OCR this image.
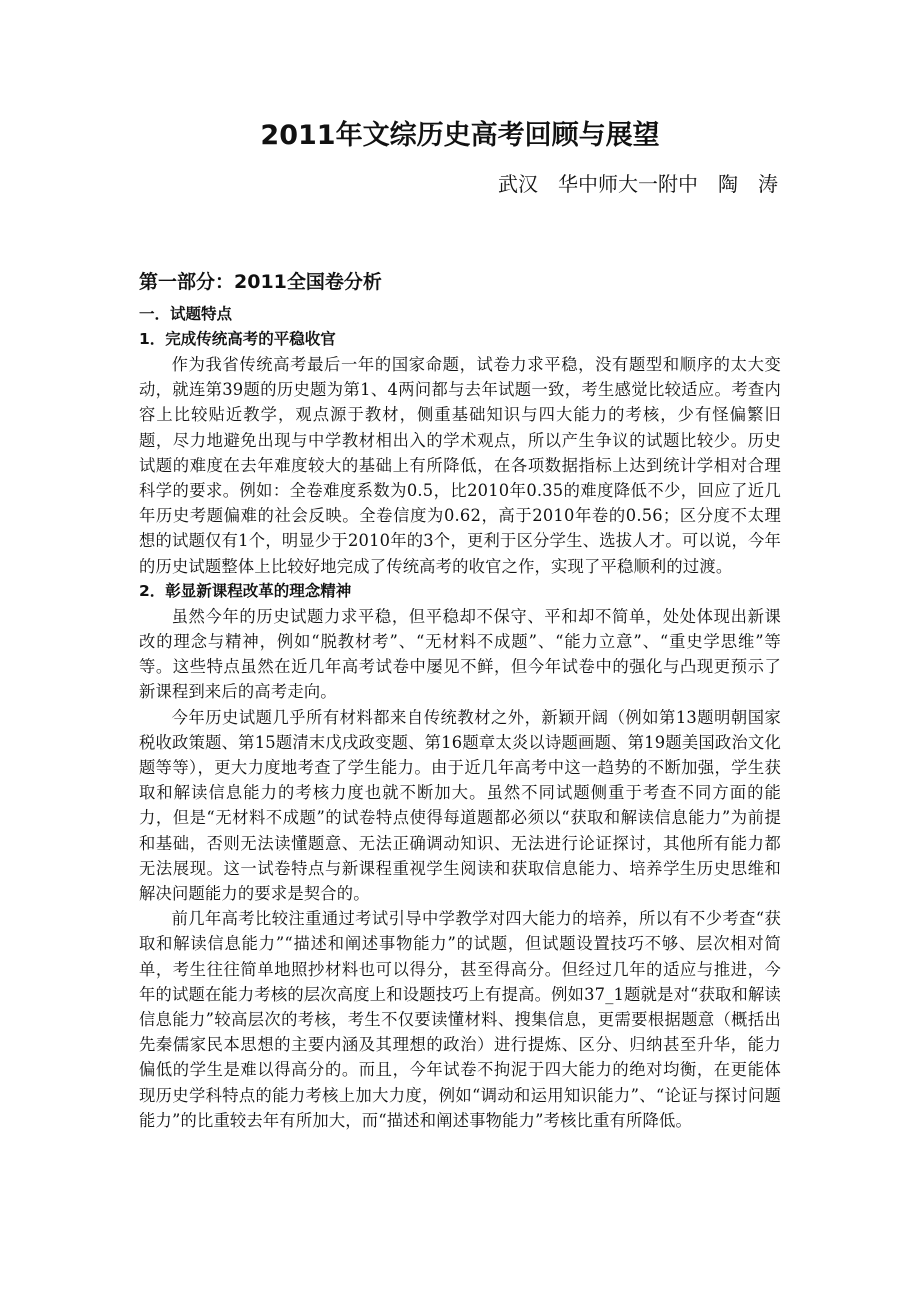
2011年文综历史高考回顾与展望

武汉　华中师大一附中　陶　涛

第一部分：2011全国卷分析
一．试题特点
1．完成传统高考的平稳收官

作为我省传统高考最后一年的国家命题，试卷力求平稳，没有题型和顺序的太大变动，就连第39题的历史题为第1、4两问都与去年试题一致，考生感觉比较适应。考查内容上比较贴近教学，观点源于教材，侧重基础知识与四大能力的考核，少有怪偏繁旧题，尽力地避免出现与中学教材相出入的学术观点，所以产生争议的试题比较少。历史试题的难度在去年难度较大的基础上有所降低，在各项数据指标上达到统计学相对合理科学的要求。例如：全卷难度系数为0.5，比2010年0.35的难度降低不少，回应了近几年历史考题偏难的社会反映。全卷信度为0.62，高于2010年卷的0.56；区分度不太理想的试题仅有1个，明显少于2010年的3个，更利于区分学生、选拔人才。可以说，今年的历史试题整体上比较好地完成了传统高考的收官之作，实现了平稳顺利的过渡。

2．彰显新课程改革的理念精神

虽然今年的历史试题力求平稳，但平稳却不保守、平和却不简单，处处体现出新课改的理念与精神，例如“脱教材考”、“无材料不成题”、“能力立意”、“重史学思维”等等。这些特点虽然在近几年高考试卷中屡见不鲜，但今年试卷中的强化与凸现更预示了新课程到来后的高考走向。

今年历史试题几乎所有材料都来自传统教材之外，新颖开阔（例如第13题明朝国家税收政策题、第15题清末戊戌政变题、第16题章太炎以诗题画题、第19题美国政治文化题等等），更大力度地考查了学生能力。由于近几年高考中这一趋势的不断加强，学生获取和解读信息能力的考核力度也就不断加大。虽然不同试题侧重于考查不同方面的能力，但是“无材料不成题”的试卷特点使得每道题都必须以“获取和解读信息能力”为前提和基础，否则无法读懂题意、无法正确调动知识、无法进行论证探讨，其他所有能力都无法展现。这一试卷特点与新课程重视学生阅读和获取信息能力、培养学生历史思维和解决问题能力的要求是契合的。

前几年高考比较注重通过考试引导中学教学对四大能力的培养，所以有不少考查“获取和解读信息能力”“描述和阐述事物能力”的试题，但试题设置技巧不够、层次相对简单，考生往往简单地照抄材料也可以得分，甚至得高分。但经过几年的适应与推进，今年的试题在能力考核的层次高度上和设题技巧上有提高。例如37_1题就是对“获取和解读信息能力”较高层次的考核，考生不仅要读懂材料、搜集信息，更需要根据题意（概括出先秦儒家民本思想的主要内涵及其理想的政治）进行提炼、区分、归纳甚至升华，能力偏低的学生是难以得高分的。而且，今年试卷不拘泥于四大能力的绝对均衡，在更能体现历史学科特点的能力考核上加大力度，例如“调动和运用知识能力”、“论证与探讨问题能力”的比重较去年有所加大，而“描述和阐述事物能力”考核比重有所降低。
